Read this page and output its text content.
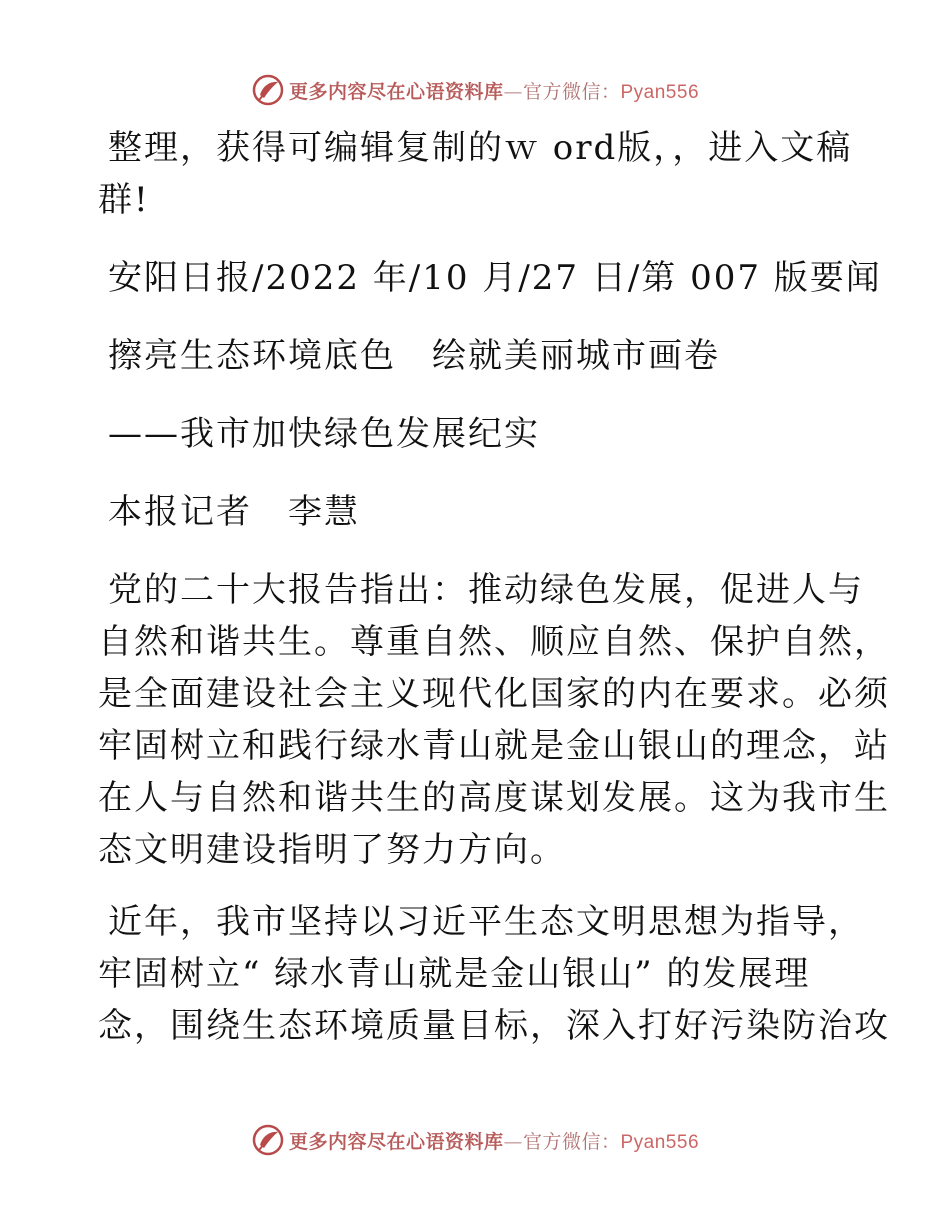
更多内容尽在心语资料库—官方微信：Pyan556
整理，获得可编辑复制的ｗ ord版，，进入文稿
群!
安阳日报/2022 年/10 月/27 日/第 007 版要闻
擦亮生态环境底色　绘就美丽城市画卷
——我市加快绿色发展纪实
本报记者　李慧
党的二十大报告指出：推动绿色发展，促进人与
自然和谐共生。尊重自然、顺应自然、保护自然，
是全面建设社会主义现代化国家的内在要求。必须
牢固树立和践行绿水青山就是金山银山的理念，站
在人与自然和谐共生的高度谋划发展。这为我市生
态文明建设指明了努力方向。
近年，我市坚持以习近平生态文明思想为指导，
牢固树立“ 绿水青山就是金山银山” 的发展理
念，围绕生态环境质量目标，深入打好污染防治攻
更多内容尽在心语资料库—官方微信：Pyan556
